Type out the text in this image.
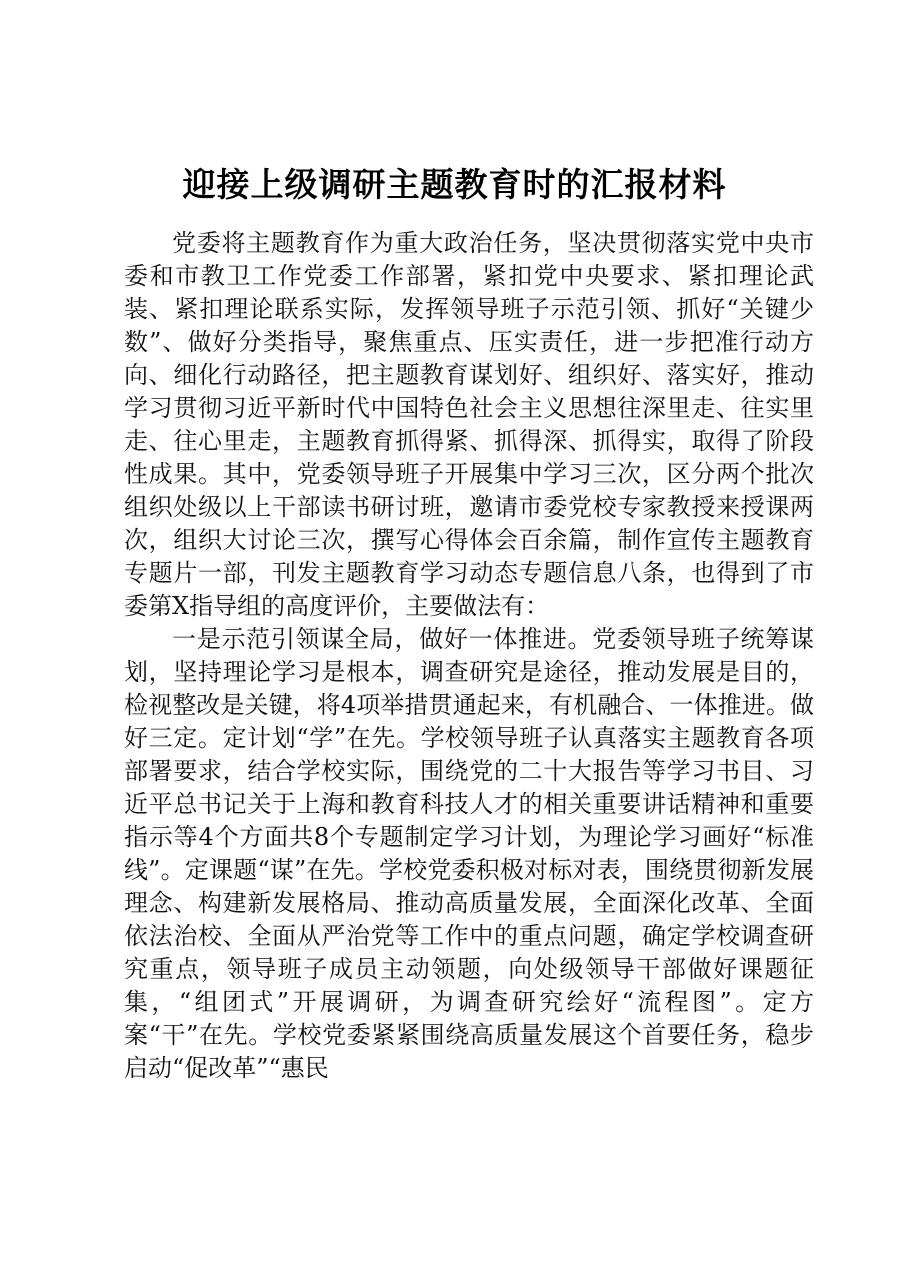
迎接上级调研主题教育时的汇报材料

党委将主题教育作为重大政治任务，坚决贯彻落实党中央市委和市教卫工作党委工作部署，紧扣党中央要求、紧扣理论武装、紧扣理论联系实际，发挥领导班子示范引领、抓好“关键少数”、做好分类指导，聚焦重点、压实责任，进一步把准行动方向、细化行动路径，把主题教育谋划好、组织好、落实好，推动学习贯彻习近平新时代中国特色社会主义思想往深里走、往实里走、往心里走，主题教育抓得紧、抓得深、抓得实，取得了阶段性成果。其中，党委领导班子开展集中学习三次，区分两个批次组织处级以上干部读书研讨班，邀请市委党校专家教授来授课两次，组织大讨论三次，撰写心得体会百余篇，制作宣传主题教育专题片一部，刊发主题教育学习动态专题信息八条，也得到了市委第X指导组的高度评价，主要做法有：

一是示范引领谋全局，做好一体推进。党委领导班子统筹谋划，坚持理论学习是根本，调查研究是途径，推动发展是目的，检视整改是关键，将4项举措贯通起来，有机融合、一体推进。做好三定。定计划“学”在先。学校领导班子认真落实主题教育各项部署要求，结合学校实际，围绕党的二十大报告等学习书目、习近平总书记关于上海和教育科技人才的相关重要讲话精神和重要指示等4个方面共8个专题制定学习计划，为理论学习画好“标准线”。定课题“谋”在先。学校党委积极对标对表，围绕贯彻新发展理念、构建新发展格局、推动高质量发展，全面深化改革、全面依法治校、全面从严治党等工作中的重点问题，确定学校调查研究重点，领导班子成员主动领题，向处级领导干部做好课题征集，“组团式”开展调研，为调查研究绘好“流程图”。定方案“干”在先。学校党委紧紧围绕高质量发展这个首要任务，稳步启动“促改革”“惠民
